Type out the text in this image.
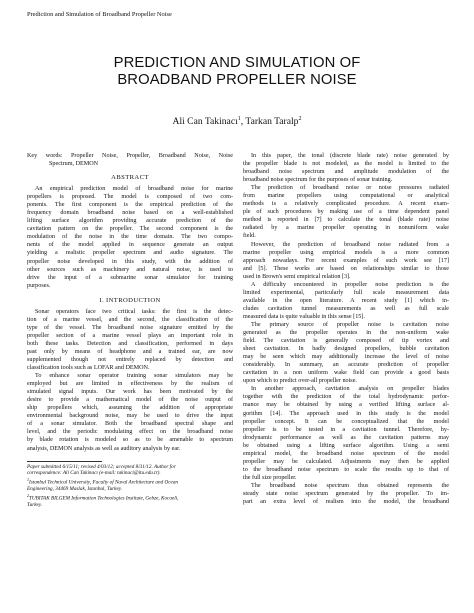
Prediction and Simulation of Broadband Propeller Noise
PREDICTION AND SIMULATION OF
BROADBAND PROPELLER NOISE
Ali Can Takinacı$^1$, Tarkan Taralp$^2$
Key words: Propeller Noise, Propeller, Broadband Noise, Noise
Spectrum, DEMON
ABSTRACT
An empirical prediction model of broadband noise for marine
propellers is proposed. The model is composed of two com-
ponents. The first component is the empirical prediction of the
frequency domain broadband noise based on a well-established
lifting surface algorithm providing accurate prediction of the
cavitation pattern on the propeller. The second component is the
modulation of the noise in the time domain. The two compo-
nents of the model applied in sequence generate an output
yielding a realistic propeller spectrum and audio signature. The
propeller noise developed in this study, with the addition of
other sources such as machinery and natural noise, is used to
drive the input of a submarine sonar simulator for training
purposes.
I. INTRODUCTION
Sonar operators face two critical tasks: the first is the detec-
tion of a marine vessel, and the second, the classification of the
type of the vessel. The broadband noise signature emitted by the
propeller section of a marine vessel plays an important role in
both these tasks. Detection and classification, performed in days
past only by means of headphone and a trained ear, are now
supplemented though not entirely replaced by detection and
classification tools such as LOFAR and DEMON.
To enhance sonar operator training sonar simulators may be
employed but are limited in effectiveness by the realism of
simulated signal inputs. Our work has been motivated by the
desire to provide a mathematical model of the noise output of
ship propellers which, assuming the addition of appropriate
environmental background noise, may be used to drive the input
of a sonar simulator. Both the broadband spectral shape and
level, and the periodic modulating effect on the broadband noise
by blade rotation is modeled so as to be amenable to spectrum
analysis, DEMON analysis as well as auditory analysis by ear.
Paper submitted 6/15/11; revised 4/03/12; accepted 8/31/12. Author for
correspondence: Ali Can Takinacı (e-mail: takinaci@itu.edu.tr).
$^1$Istanbul Technical University, Faculty of Naval Architecture and Ocean
Engineering, 34469 Maslak, Istanbul, Turkey.
$^2$TUBITAK BILGEM Information Technologies Institute, Gebze, Kocaeli,
Turkey.
In this paper, the tonal (discrete blade rate) noise generated by
the propeller blade is not modeled, as the model is limited to the
broadband noise spectrum and amplitude modulation of the
broadband noise spectrum for the purposes of sonar training.
The prediction of broadband noise or noise pressures radiated
from marine propellers using computational or analytical
methods is a relatively complicated procedure. A recent exam-
ple of such procedures by making use of a time dependent panel
method is reported in [7] to calculate the tonal (blade rate) noise
radiated by a marine propeller operating in nonuniform wake
field.
However, the prediction of broadband noise radiated from a
marine propeller using empirical models is a more common
approach nowadays. For recent examples of such work see [17]
and [5]. These works are based on relationships similar to those
used in Brown's semi empirical relation [3].
A difficulty encountered in propeller noise prediction is the
limited experimental, particularly full scale measurement data
available in the open literature. A recent study [1] which in-
cludes cavitation tunnel measurements as well as full scale
measured data is quite valuable in this sense [15].
The primary source of propeller noise is cavitation noise
generated as the propeller operates in the non-uniform wake
field. The cavitation is generally composed of tip vortex and
sheet cavitation. In badly designed propellers, bubble cavitation
may be seen which may additionally increase the level of noise
considerably. In summary, an accurate prediction of propeller
cavitation in a non uniform wake field can provide a good basis
upon which to predict over-all propeller noise.
In another approach, cavitation analysis on propeller blades
together with the prediction of the total hydrodynamic perfor-
mance may be obtained by using a verified lifting surface al-
gorithm [14]. The approach used in this study is the model
propeller concept. It can be conceptualized that the model
propeller is to be tested in a cavitation tunnel. Therefore, hy-
drodynamic performance as well as the cavitation patterns may
be obtained using a lifting surface algorithm. Using a semi
empirical model, the broadband noise spectrum of the model
propeller may be calculated. Adjustments may then be applied
to the broadband noise spectrum to scale the results up to that of
the full size propeller.
The broadband noise spectrum thus obtained represents the
steady state noise spectrum generated by the propeller. To im-
part an extra level of realism into the model, the broadband
